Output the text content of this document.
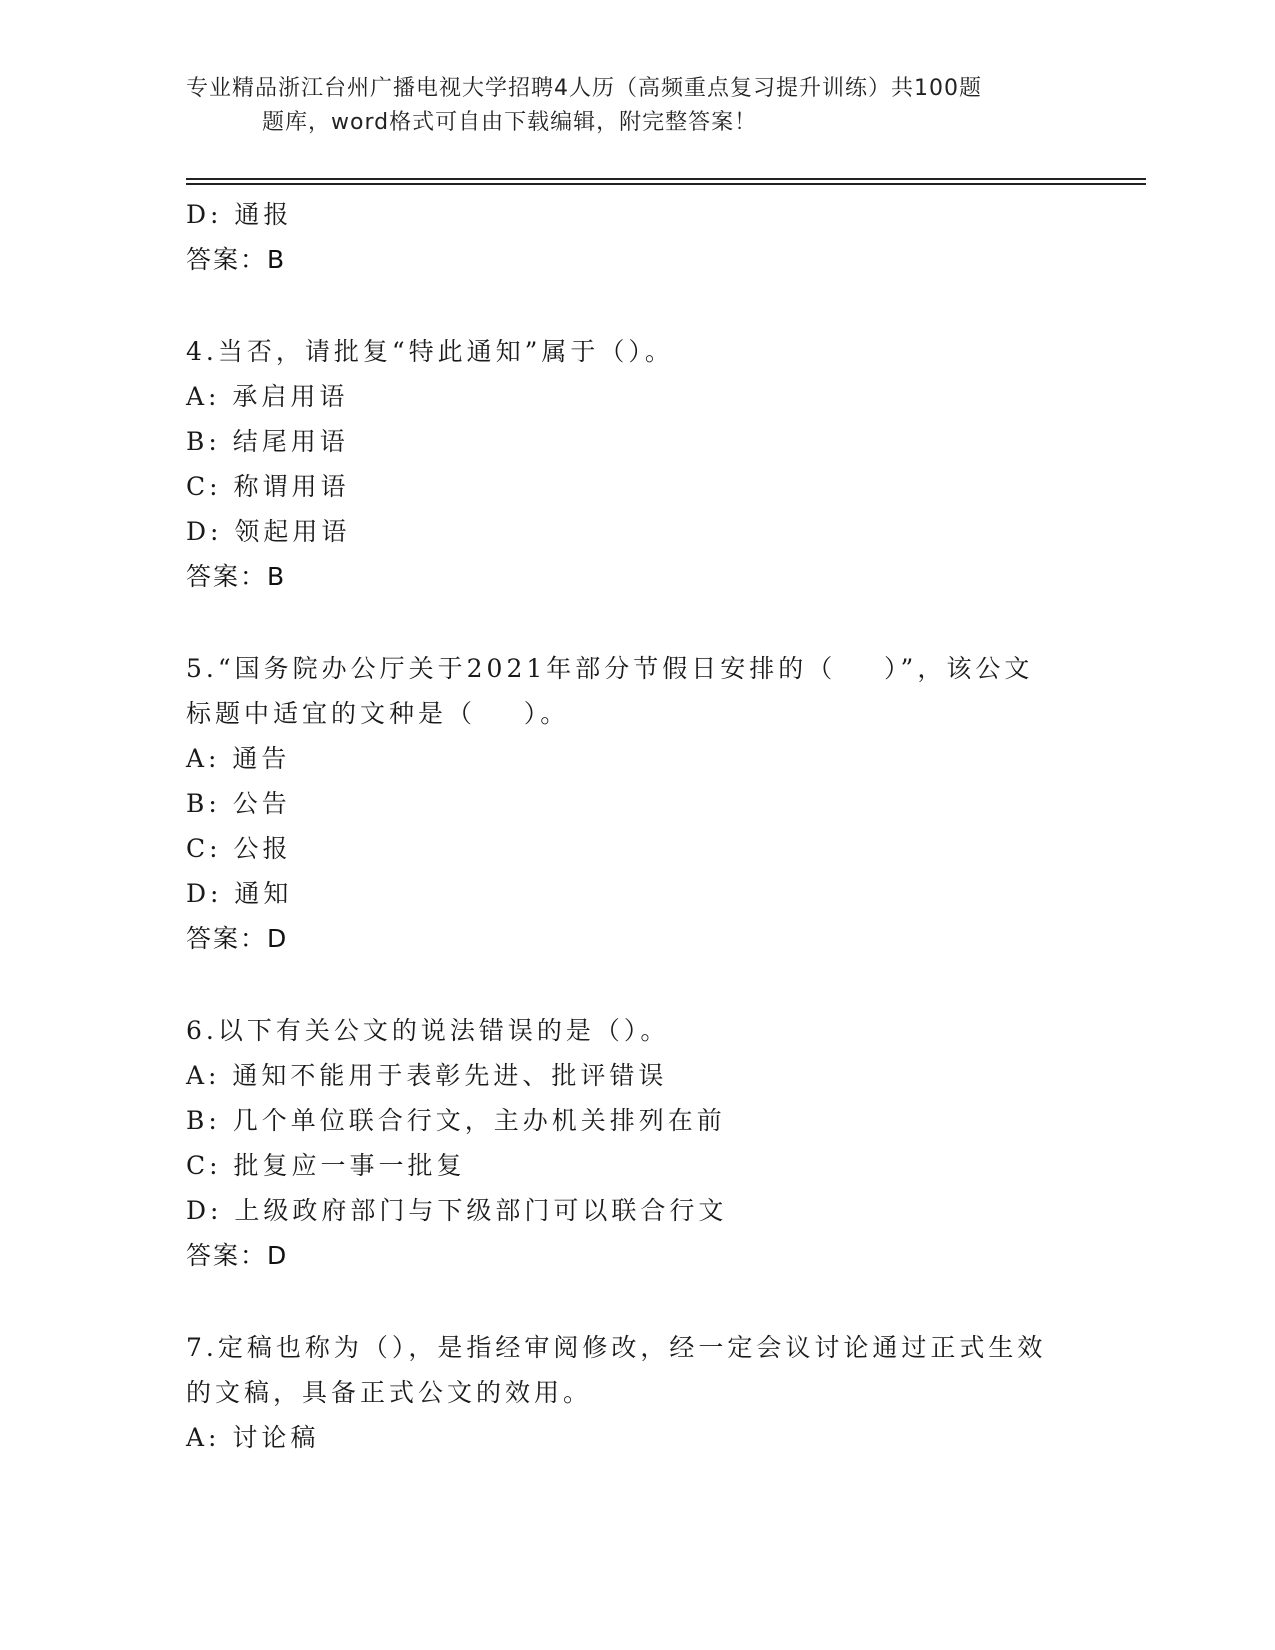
专业精品浙江台州广播电视大学招聘4人历（高频重点复习提升训练）共100题
题库，word格式可自由下载编辑，附完整答案！
D: 通报
答案：B
4.当否，请批复“特此通知”属于（）。
A: 承启用语
B: 结尾用语
C: 称谓用语
D: 领起用语
答案：B
5.“国务院办公厅关于2021年部分节假日安排的（    ）”，该公文
标题中适宜的文种是（    ）。
A: 通告
B: 公告
C: 公报
D: 通知
答案：D
6.以下有关公文的说法错误的是（）。
A: 通知不能用于表彰先进、批评错误
B: 几个单位联合行文，主办机关排列在前
C: 批复应一事一批复
D: 上级政府部门与下级部门可以联合行文
答案：D
7.定稿也称为（），是指经审阅修改，经一定会议讨论通过正式生效
的文稿，具备正式公文的效用。
A: 讨论稿
